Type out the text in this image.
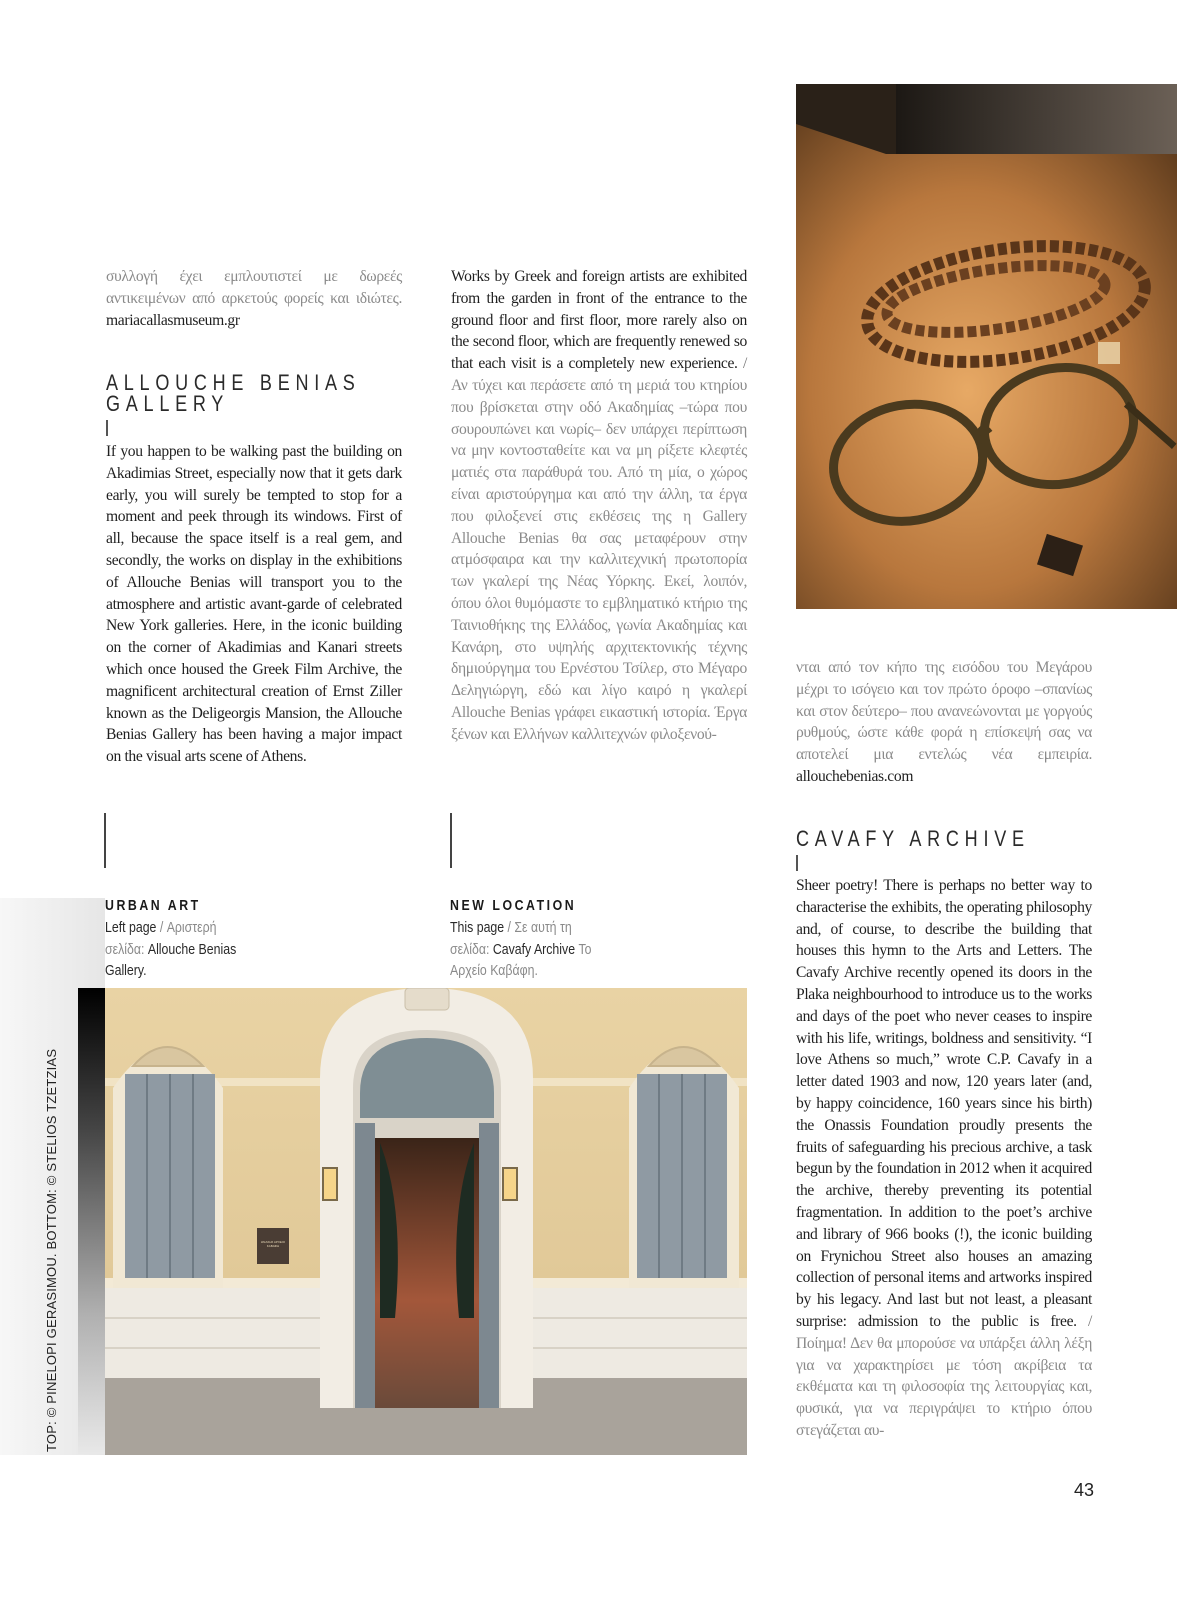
συλλογή έχει εμπλουτιστεί με δωρεές αντικειμένων από αρκετούς φορείς και ιδιώτες. mariacallasmuseum.gr

ALLOUCHE BENIAS GALLERY
If you happen to be walking past the building on Akadimias Street, especially now that it gets dark early, you will surely be tempted to stop for a moment and peek through its windows. First of all, because the space itself is a real gem, and secondly, the works on display in the exhibitions of Allouche Benias will transport you to the atmosphere and artistic avant-garde of celebrated New York galleries. Here, in the iconic building on the corner of Akadimias and Kanari streets which once housed the Greek Film Archive, the magnificent architectural creation of Ernst Ziller known as the Deligeorgis Mansion, the Allouche Benias Gallery has been having a major impact on the visual arts scene of Athens.

Works by Greek and foreign artists are exhibited from the garden in front of the entrance to the ground floor and first floor, more rarely also on the second floor, which are frequently renewed so that each visit is a completely new experience. / Αν τύχει και περάσετε από τη μεριά του κτηρίου που βρίσκεται στην οδό Ακαδημίας –τώρα που σουρουπώνει και νωρίς– δεν υπάρχει περίπτωση να μην κοντοσταθείτε και να μη ρίξετε κλεφτές ματιές στα παράθυρά του. Από τη μία, ο χώρος είναι αριστούργημα και από την άλλη, τα έργα που φιλοξενεί στις εκθέσεις της η Gallery Allouche Benias θα σας μεταφέρουν στην ατμόσφαιρα και την καλλιτεχνική πρωτοπορία των γκαλερί της Νέας Υόρκης. Εκεί, λοιπόν, όπου όλοι θυμόμαστε το εμβληματικό κτήριο της Ταινιοθήκης της Ελλάδος, γωνία Ακαδημίας και Κανάρη, στο υψηλής αρχιτεκτονικής τέχνης δημιούργημα του Ερνέστου Τσίλερ, στο Μέγαρο Δεληγιώργη, εδώ και λίγο καιρό η γκαλερί Allouche Benias γράφει εικαστική ιστορία. Έργα ξένων και Ελλήνων καλλιτεχνών φιλοξενού-

νται από τον κήπο της εισόδου του Μεγάρου μέχρι το ισόγειο και τον πρώτο όροφο –σπανίως και στον δεύτερο– που ανανεώνονται με γοργούς ρυθμούς, ώστε κάθε φορά η επίσκεψή σας να αποτελεί μια εντελώς νέα εμπειρία. allouchebenias.com

CAVAFY ARCHIVE

Sheer poetry! There is perhaps no better way to characterise the exhibits, the operating philosophy and, of course, to describe the building that houses this hymn to the Arts and Letters. The Cavafy Archive recently opened its doors in the Plaka neighbourhood to introduce us to the works and days of the poet who never ceases to inspire with his life, writings, boldness and sensitivity. “I love Athens so much,” wrote C.P. Cavafy in a letter dated 1903 and now, 120 years later (and, by happy coincidence, 160 years since his birth) the Onassis Foundation proudly presents the fruits of safeguarding his precious archive, a task begun by the foundation in 2012 when it acquired the archive, thereby preventing its potential fragmentation. In addition to the poet’s archive and library of 966 books (!), the iconic building on Frynichou Street also houses an amazing collection of personal items and artworks inspired by his legacy. And last but not least, a pleasant surprise: admission to the public is free. / Ποίημα! Δεν θα μπορούσε να υπάρξει άλλη λέξη για να χαρακτηρίσει με τόση ακρίβεια τα εκθέματα και τη φιλοσοφία της λειτουργίας και, φυσικά, για να περιγράψει το κτήριο όπου στεγάζεται αυ-

URBAN ART
Left page / Αριστερή σελίδα: Allouche Benias Gallery.
NEW LOCATION
This page / Σε αυτή τη σελίδα: Cavafy Archive Το Αρχείο Καβάφη.
ΩΝΑΣΗΣ ΑΡΧΕΙΟ ΚΑΒΑΦΗ
TOP: © PINELOPI GERASIMOU. BOTTOM: © STELIOS TZETZIAS
43
